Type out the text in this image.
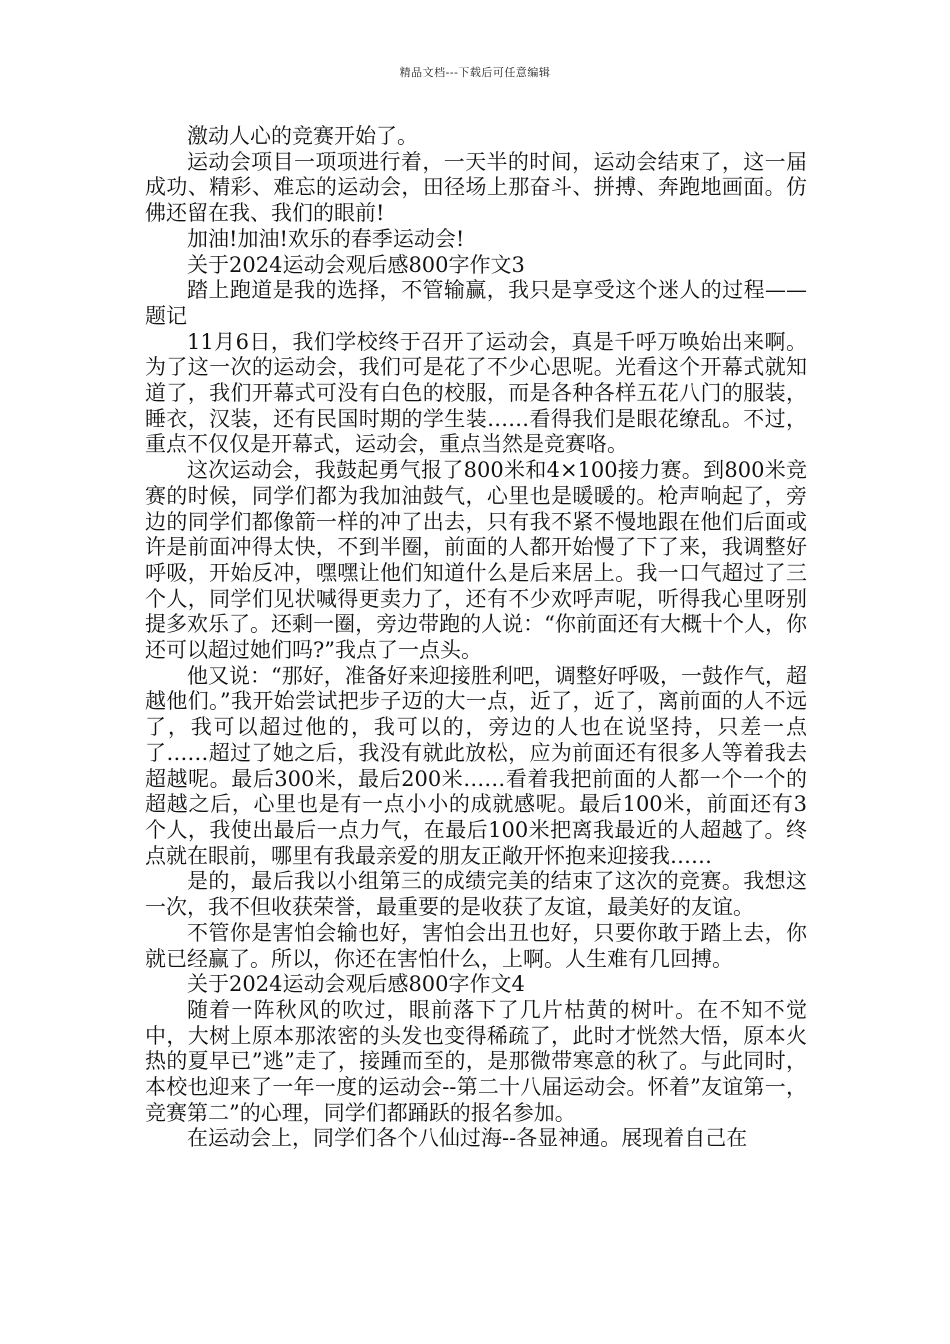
精品文档---下载后可任意编辑

激动人心的竞赛开始了。

运动会项目一项项进行着，一天半的时间，运动会结束了，这一届成功、精彩、难忘的运动会，田径场上那奋斗、拼搏、奔跑地画面。仿佛还留在我、我们的眼前!

加油!加油!欢乐的春季运动会!

关于2024运动会观后感800字作文3

踏上跑道是我的选择，不管输赢，我只是享受这个迷人的过程——题记

11月6日，我们学校终于召开了运动会，真是千呼万唤始出来啊。为了这一次的运动会，我们可是花了不少心思呢。光看这个开幕式就知道了，我们开幕式可没有白色的校服，而是各种各样五花八门的服装，睡衣，汉装，还有民国时期的学生装……看得我们是眼花缭乱。不过，重点不仅仅是开幕式，运动会，重点当然是竞赛咯。

这次运动会，我鼓起勇气报了800米和4×100接力赛。到800米竞赛的时候，同学们都为我加油鼓气，心里也是暖暖的。枪声响起了，旁边的同学们都像箭一样的冲了出去，只有我不紧不慢地跟在他们后面或许是前面冲得太快，不到半圈，前面的人都开始慢了下了来，我调整好呼吸，开始反冲，嘿嘿让他们知道什么是后来居上。我一口气超过了三个人，同学们见状喊得更卖力了，还有不少欢呼声呢，听得我心里呀别提多欢乐了。还剩一圈，旁边带跑的人说：“你前面还有大概十个人，你还可以超过她们吗?”我点了一点头。

他又说：“那好，准备好来迎接胜利吧，调整好呼吸，一鼓作气，超越他们。”我开始尝试把步子迈的大一点，近了，近了，离前面的人不远了，我可以超过他的，我可以的，旁边的人也在说坚持，只差一点了……超过了她之后，我没有就此放松，应为前面还有很多人等着我去超越呢。最后300米，最后200米……看着我把前面的人都一个一个的超越之后，心里也是有一点小小的成就感呢。最后100米，前面还有3个人，我使出最后一点力气，在最后100米把离我最近的人超越了。终点就在眼前，哪里有我最亲爱的朋友正敞开怀抱来迎接我……

是的，最后我以小组第三的成绩完美的结束了这次的竞赛。我想这一次，我不但收获荣誉，最重要的是收获了友谊，最美好的友谊。

不管你是害怕会输也好，害怕会出丑也好，只要你敢于踏上去，你就已经赢了。所以，你还在害怕什么，上啊。人生难有几回搏。

关于2024运动会观后感800字作文4

随着一阵秋风的吹过，眼前落下了几片枯黄的树叶。在不知不觉中，大树上原本那浓密的头发也变得稀疏了，此时才恍然大悟，原本火热的夏早已”逃”走了，接踵而至的，是那微带寒意的秋了。与此同时，本校也迎来了一年一度的运动会--第二十八届运动会。怀着”友谊第一，竞赛第二”的心理，同学们都踊跃的报名参加。

在运动会上，同学们各个八仙过海--各显神通。展现着自己在
